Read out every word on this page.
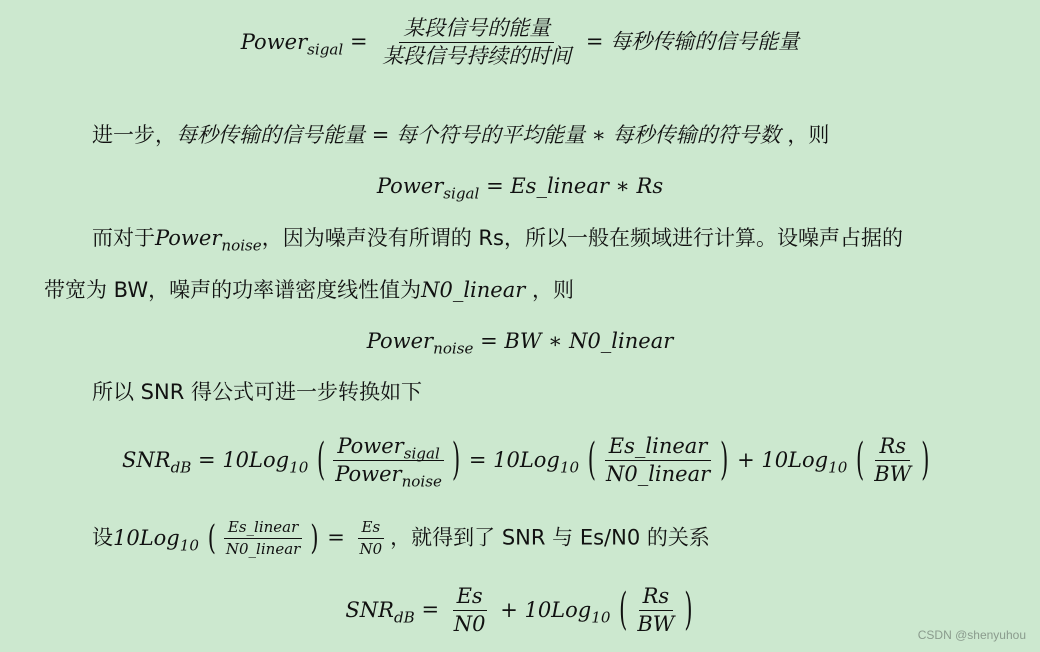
Power$_{sigal}$ = $\frac{\text{某段信号的能量}}{\text{某段信号持续的时间}}$ = 每秒传输的信号能量
进一步，每秒传输的信号能量 = 每个符号的平均能量 ∗ 每秒传输的符号数 ，则
Power$_{sigal}$ = Es_linear ∗ Rs
而对于Power$_{noise}$，因为噪声没有所谓的 Rs，所以一般在频域进行计算。设噪声占据的
带宽为 BW，噪声的功率谱密度线性值为N0_linear ，则
Power$_{noise}$ = BW ∗ N0_linear
所以 SNR 得公式可进一步转换如下
$SNR_{dB} = 10Log_{10}$ ( $\frac{Power_{sigal}}{Power_{noise}}$ ) = 10Log$_{10}$ ( $\frac{\text{Es\_linear}}{\text{N0\_linear}}$ ) + 10Log$_{10}$ ( $\frac{Rs}{BW}$ )
设10Log$_{10}$ ( $\frac{\text{Es\_linear}}{\text{N0\_linear}}$ ) = $\frac{Es}{N0}$ ，就得到了 SNR 与 Es/N0 的关系
$SNR_{dB} = \frac{Es}{N0} + 10Log_{10}$ ( $\frac{Rs}{BW}$ )
CSDN @shenyuhou
